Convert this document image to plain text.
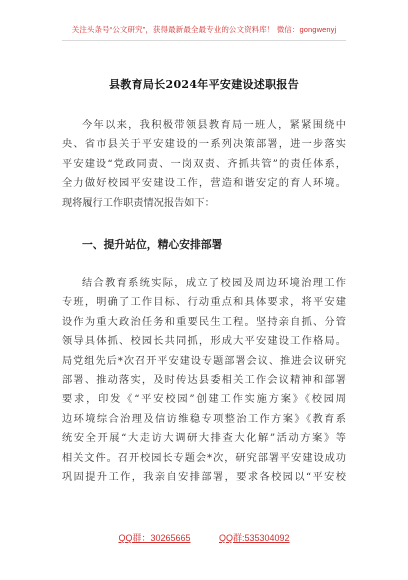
关注头条号“公文研究”，获得最新最全最专业的公文资料库！ 微信：gongwenyj
县教育局长2024年平安建设述职报告
今年以来，我积极带领县教育局一班人，紧紧围绕中
央、省市县关于平安建设的一系列决策部署，进一步落实
平安建设“党政同责、一岗双责、齐抓共管”的责任体系，
全力做好校园平安建设工作，营造和谐安定的育人环境。
现将履行工作职责情况报告如下：
一、提升站位，精心安排部署
结合教育系统实际，成立了校园及周边环境治理工作
专班，明确了工作目标、行动重点和具体要求，将平安建
设作为重大政治任务和重要民生工程。坚持亲自抓、分管
领导具体抓、校园长共同抓，形成大平安建设工作格局。
局党组先后*次召开平安建设专题部署会议、推进会议研究
部署、推动落实，及时传达县委相关工作会议精神和部署
要求，印发《“平安校园”创建工作实施方案》《校园周
边环境综合治理及信访维稳专项整治工作方案》《教育系
统安全开展“大走访大调研大排查大化解”活动方案》等
相关文件。召开校园长专题会*次，研究部署平安建设成功
巩固提升工作，我亲自安排部署，要求各校园以“平安校
QQ群：30265665	QQ群:535304092
